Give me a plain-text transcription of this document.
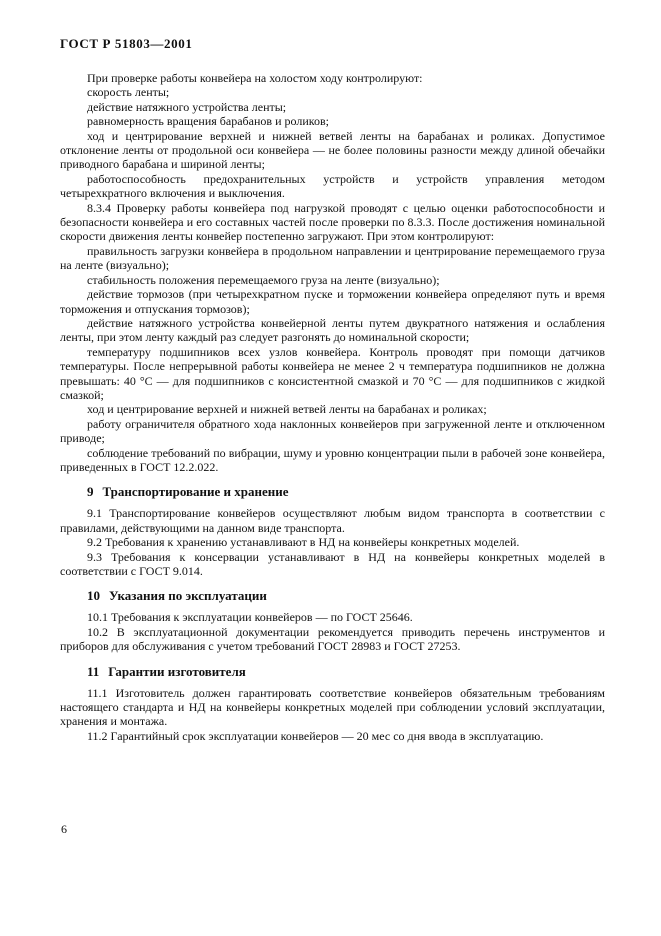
ГОСТ Р 51803—2001

При проверке работы конвейера на холостом ходу контролируют:

скорость ленты;

действие натяжного устройства ленты;

равномерность вращения барабанов и роликов;

ход и центрирование верхней и нижней ветвей ленты на барабанах и роликах. Допустимое отклонение ленты от продольной оси конвейера — не более половины разности между длиной обечайки приводного барабана и шириной ленты;

работоспособность предохранительных устройств и устройств управления методом четырехкратного включения и выключения.

8.3.4 Проверку работы конвейера под нагрузкой проводят с целью оценки работоспособности и безопасности конвейера и его составных частей после проверки по 8.3.3. После достижения номинальной скорости движения ленты конвейер постепенно загружают. При этом контролируют:

правильность загрузки конвейера в продольном направлении и центрирование перемещаемого груза на ленте (визуально);

стабильность положения перемещаемого груза на ленте (визуально);

действие тормозов (при четырехкратном пуске и торможении конвейера определяют путь и время торможения и отпускания тормозов);

действие натяжного устройства конвейерной ленты путем двукратного натяжения и ослабления ленты, при этом ленту каждый раз следует разгонять до номинальной скорости;

температуру подшипников всех узлов конвейера. Контроль проводят при помощи датчиков температуры. После непрерывной работы конвейера не менее 2 ч температура подшипников не должна превышать: 40 °С — для подшипников с консистентной смазкой и 70 °С — для подшипников с жидкой смазкой;

ход и центрирование верхней и нижней ветвей ленты на барабанах и роликах;

работу ограничителя обратного хода наклонных конвейеров при загруженной ленте и отключенном приводе;

соблюдение требований по вибрации, шуму и уровню концентрации пыли в рабочей зоне конвейера, приведенных в ГОСТ 12.2.022.

9 Транспортирование и хранение

9.1 Транспортирование конвейеров осуществляют любым видом транспорта в соответствии с правилами, действующими на данном виде транспорта.

9.2 Требования к хранению устанавливают в НД на конвейеры конкретных моделей.

9.3 Требования к консервации устанавливают в НД на конвейеры конкретных моделей в соответствии с ГОСТ 9.014.

10 Указания по эксплуатации

10.1 Требования к эксплуатации конвейеров — по ГОСТ 25646.

10.2 В эксплуатационной документации рекомендуется приводить перечень инструментов и приборов для обслуживания с учетом требований ГОСТ 28983 и ГОСТ 27253.

11 Гарантии изготовителя

11.1 Изготовитель должен гарантировать соответствие конвейеров обязательным требованиям настоящего стандарта и НД на конвейеры конкретных моделей при соблюдении условий эксплуатации, хранения и монтажа.

11.2 Гарантийный срок эксплуатации конвейеров — 20 мес со дня ввода в эксплуатацию.

6
